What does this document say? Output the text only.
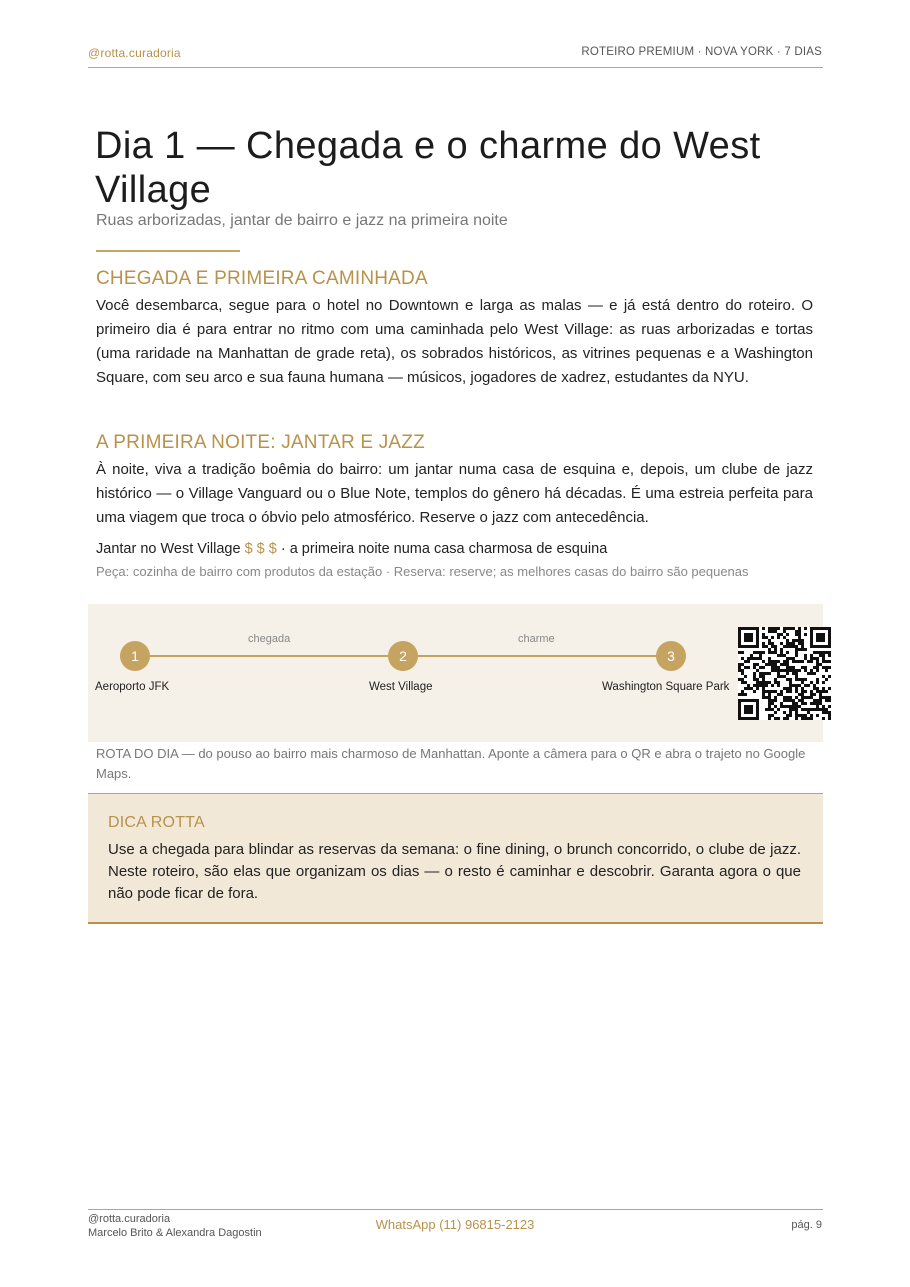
@rotta.curadoria	ROTEIRO PREMIUM · NOVA YORK · 7 DIAS
Dia 1 — Chegada e o charme do West Village
Ruas arborizadas, jantar de bairro e jazz na primeira noite
CHEGADA E PRIMEIRA CAMINHADA

Você desembarca, segue para o hotel no Downtown e larga as malas — e já está dentro do roteiro. O primeiro dia é para entrar no ritmo com uma caminhada pelo West Village: as ruas arborizadas e tortas (uma raridade na Manhattan de grade reta), os sobrados históricos, as vitrines pequenas e a Washington Square, com seu arco e sua fauna humana — músicos, jogadores de xadrez, estudantes da NYU.

A PRIMEIRA NOITE: JANTAR E JAZZ

À noite, viva a tradição boêmia do bairro: um jantar numa casa de esquina e, depois, um clube de jazz histórico — o Village Vanguard ou o Blue Note, templos do gênero há décadas. É uma estreia perfeita para uma viagem que troca o óbvio pelo atmosférico. Reserve o jazz com antecedência.

Jantar no West Village $ $ $ · a primeira noite numa casa charmosa de esquina
Peça: cozinha de bairro com produtos da estação · Reserva: reserve; as melhores casas do bairro são pequenas
chegada	charme
1	2	3
Aeroporto JFK	West Village	Washington Square Park
ROTA DO DIA — do pouso ao bairro mais charmoso de Manhattan. Aponte a câmera para o QR e abra o trajeto no Google Maps.
DICA ROTTA

Use a chegada para blindar as reservas da semana: o fine dining, o brunch concorrido, o clube de jazz. Neste roteiro, são elas que organizam os dias — o resto é caminhar e descobrir. Garanta agora o que não pode ficar de fora.

@rotta.curadoria
Marcelo Brito & Alexandra Dagostin
WhatsApp (11) 96815-2123	pág. 9
